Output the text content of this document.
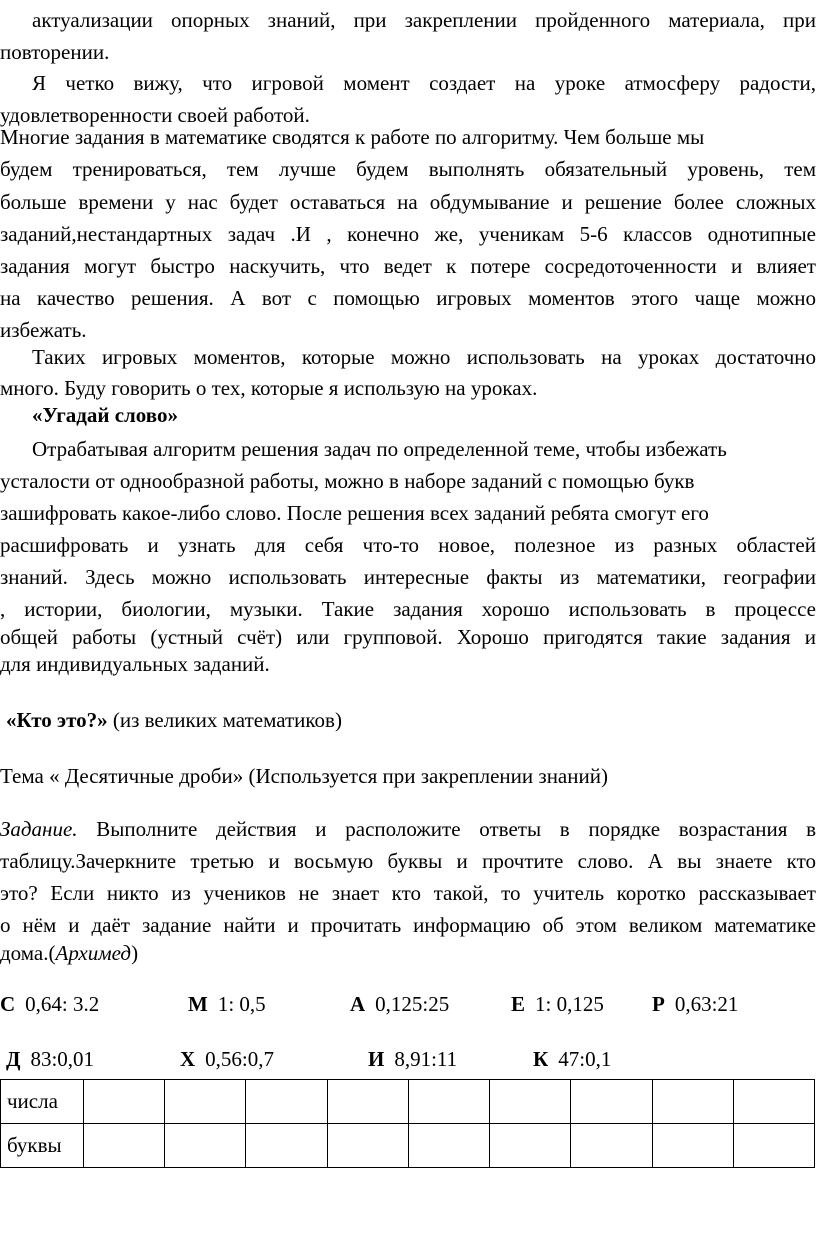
актуализации опорных знаний, при закреплении пройденного материала, при
повторении.
Я четко вижу, что игровой момент создает на уроке атмосферу радости,
удовлетворенности своей работой.
Многие задания в математике сводятся к работе по алгоритму. Чем больше мы
будем тренироваться, тем лучше будем выполнять обязательный уровень, тем
больше времени у нас будет оставаться на обдумывание и решение более сложных
заданий,нестандартных задач .И , конечно же, ученикам 5-6 классов однотипные
задания могут быстро наскучить, что ведет к потере сосредоточенности и влияет
на качество решения. А вот с помощью игровых моментов этого чаще можно
избежать.
Таких игровых моментов, которые можно использовать на уроках достаточно
много. Буду говорить о тех, которые я использую на уроках.
«Угадай слово»
Отрабатывая алгоритм решения задач по определенной теме, чтобы избежать
усталости от однообразной работы, можно в наборе заданий с помощью букв
зашифровать какое-либо слово. После решения всех заданий ребята смогут его
расшифровать и узнать для себя что-то новое, полезное из разных областей
знаний. Здесь можно использовать интересные факты из математики, географии
, истории, биологии, музыки. Такие задания хорошо использовать в процессе
общей работы (устный счёт) или групповой. Хорошо пригодятся такие задания и
для индивидуальных заданий.
«Кто это?» (из великих математиков)
Тема « Десятичные дроби» (Используется при закреплении знаний)
Задание. Выполните действия и расположите ответы в порядке возрастания в
таблицу.Зачеркните третью и восьмую буквы и прочтите слово. А вы знаете кто
это? Если никто из учеников не знает кто такой, то учитель коротко рассказывает
о нём и даёт задание найти и прочитать информацию об этом великом математике
дома.(Архимед)
С 0,64: 3.2	М 1: 0,5	А 0,125:25	Е 1: 0,125 Р 0,63:21
Д 83:0,01	Х 0,56:0,7	И 8,91:11	К 47:0,1
числа									
буквы									
